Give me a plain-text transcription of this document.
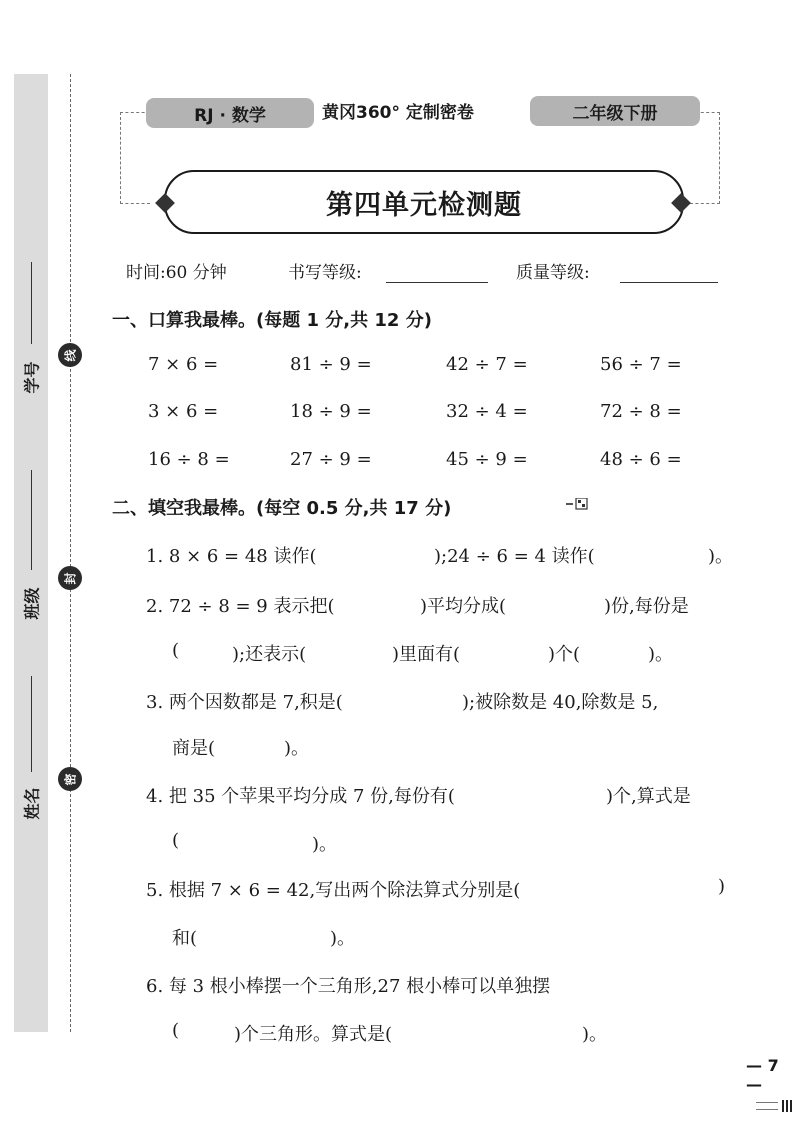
学号
班级
姓名
线
封
密
RJ · 数学	黄冈360° 定制密卷	二年级下册
第四单元检测题
时间:60 分钟	书写等级:	质量等级:
一、口算我最棒。(每题 1 分,共 12 分)
7 × 6 =	81 ÷ 9 =	42 ÷ 7 =	56 ÷ 7 =
3 × 6 =	18 ÷ 9 =	32 ÷ 4 =	72 ÷ 8 =
16 ÷ 8 =	27 ÷ 9 =	45 ÷ 9 =	48 ÷ 6 =
二、填空我最棒。(每空 0.5 分,共 17 分)
1. 8 × 6 = 48 读作(	);24 ÷ 6 = 4 读作(	)。
2. 72 ÷ 8 = 9 表示把(	)平均分成(	)份,每份是
(	);还表示(	)里面有(	)个(	)。
3. 两个因数都是 7,积是(	);被除数是 40,除数是 5,
商是(	)。
4. 把 35 个苹果平均分成 7 份,每份有(	)个,算式是
(	)。
5. 根据 7 × 6 = 42,写出两个除法算式分别是(	)
和(	)。
6. 每 3 根小棒摆一个三角形,27 根小棒可以单独摆
(	)个三角形。算式是(	)。
— 7 —
